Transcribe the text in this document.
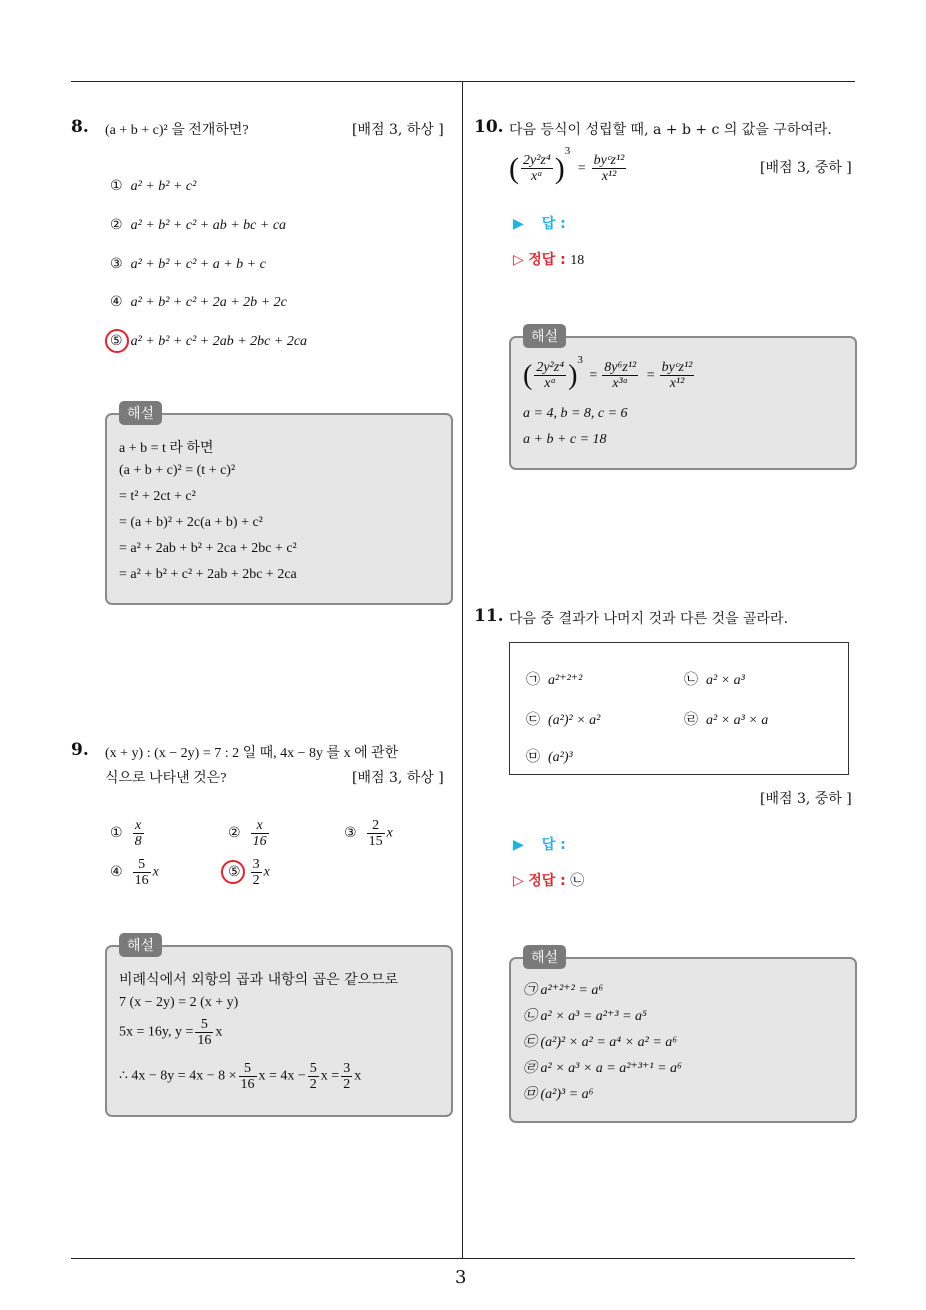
3
8. (a + b + c)² 을 전개하면?	[배점 3, 하상 ]
① a² + b² + c²
② a² + b² + c² + ab + bc + ca
③ a² + b² + c² + a + b + c
④ a² + b² + c² + 2a + 2b + 2c
⑤ a² + b² + c² + 2ab + 2bc + 2ca
a + b = t 라 하면
(a + b + c)² = (t + c)²
= t² + 2ct + c²
= (a + b)² + 2c(a + b) + c²
= a² + 2ab + b² + 2ca + 2bc + c²
= a² + b² + c² + 2ab + 2bc + 2ca
해설
9. (x + y) : (x − 2y) = 7 : 2 일 때, 4x − 8y 를 x 에 관한
식으로 나타낸 것은?	[배점 3, 하상 ]
① $\frac{x}{8}$	② $\frac{x}{16}$	③ $\frac{2}{15}$ x
④ $\frac{5}{16}$ x	⑤ $\frac{3}{2}$ x
비례식에서 외항의 곱과 내항의 곱은 같으므로
7 (x − 2y) = 2 (x + y)
5x = 16y, $y = \frac{5}{16}$ x
∴ $4x - 8y = 4x - 8 \times \frac{5}{16}$ $x = 4x - \frac{5}{2}$ $x = \frac{3}{2}$ x
해설
10. 다음 등식이 성립할 때, a + b + c 의 값을 구하여라.
( $\frac{\text{2y²z⁴}}{\text{xᵃ}} )^3 = \frac{\text{byᶜz¹²}}{\text{x¹²}}$	[배점 3, 중하 ]
▶ 답 :
▷ 정답 : 18
( $\frac{\text{2y²z⁴}}{\text{xᵃ}} )^3 = \frac{\text{8y⁶z¹²}}{\text{x³ᵃ}} = \frac{\text{byᶜz¹²}}{\text{x¹²}}$
a = 4, b = 8, c = 6
a + b + c = 18
해설
11. 다음 중 결과가 나머지 것과 다른 것을 골라라.
㉠ a²⁺²⁺²	㉡ a² × a³
㉢ (a²)² × a²	㉣ a² × a³ × a
㉤ (a²)³
[배점 3, 중하 ]
▶ 답 :
▷ 정답 : ㉡
㉠ a²⁺²⁺² = a⁶
㉡ a² × a³ = a²⁺³ = a⁵
㉢ (a²)² × a² = a⁴ × a² = a⁶
㉣ a² × a³ × a = a²⁺³⁺¹ = a⁶
㉤ (a²)³ = a⁶
해설
